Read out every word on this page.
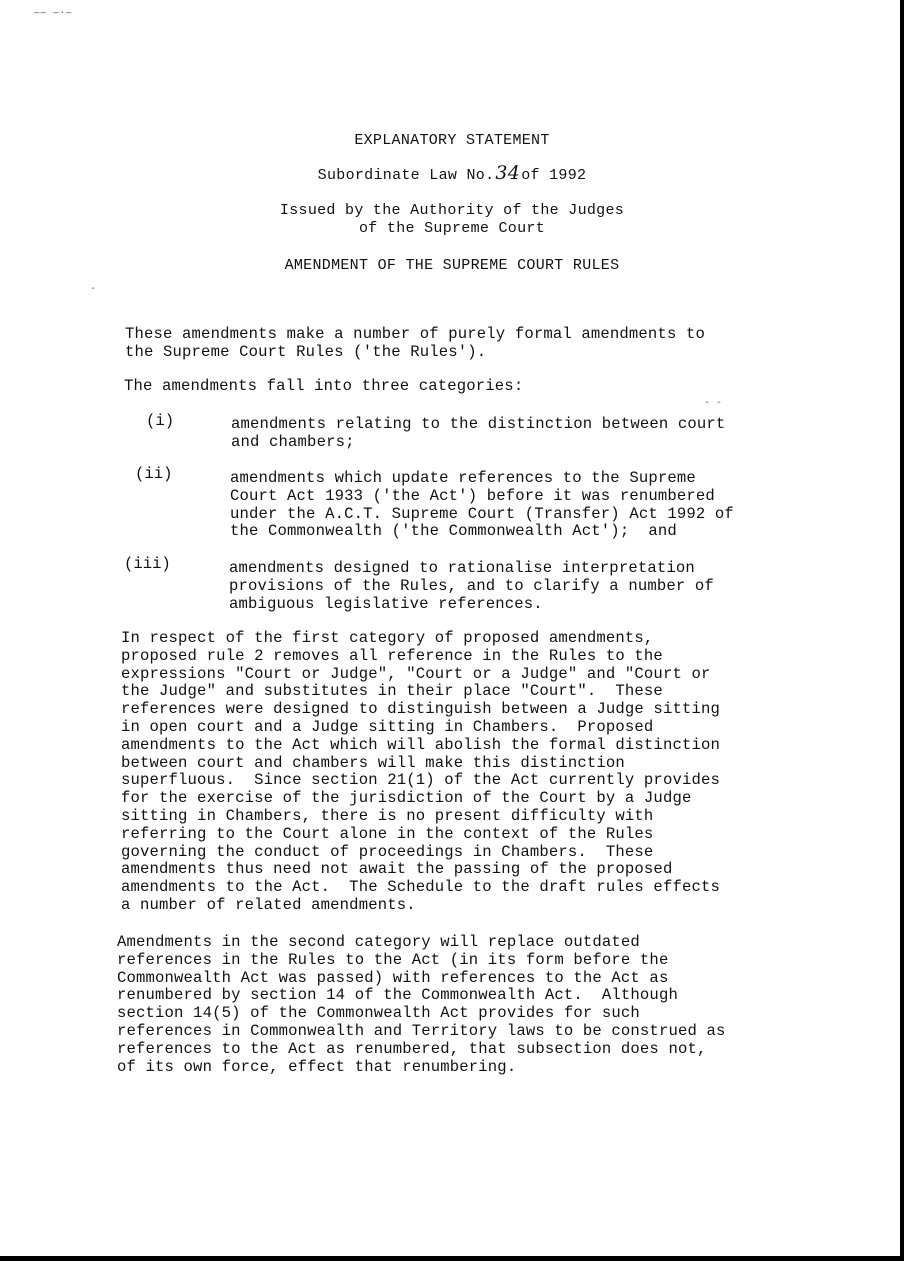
—— —·—
-
- -
EXPLANATORY STATEMENT
Subordinate Law No.34of 1992
Issued by the Authority of the Judges
of the Supreme Court
AMENDMENT OF THE SUPREME COURT RULES
These amendments make a number of purely formal amendments to
the Supreme Court Rules ('the Rules').
The amendments fall into three categories:
(i)	amendments relating to the distinction between court
and chambers;
(ii)	amendments which update references to the Supreme
Court Act 1933 ('the Act') before it was renumbered
under the A.C.T. Supreme Court (Transfer) Act 1992 of
the Commonwealth ('the Commonwealth Act');  and
(iii)	amendments designed to rationalise interpretation
provisions of the Rules, and to clarify a number of
ambiguous legislative references.
In respect of the first category of proposed amendments,
proposed rule 2 removes all reference in the Rules to the
expressions "Court or Judge", "Court or a Judge" and "Court or
the Judge" and substitutes in their place "Court".  These
references were designed to distinguish between a Judge sitting
in open court and a Judge sitting in Chambers.  Proposed
amendments to the Act which will abolish the formal distinction
between court and chambers will make this distinction
superfluous.  Since section 21(1) of the Act currently provides
for the exercise of the jurisdiction of the Court by a Judge
sitting in Chambers, there is no present difficulty with
referring to the Court alone in the context of the Rules
governing the conduct of proceedings in Chambers.  These
amendments thus need not await the passing of the proposed
amendments to the Act.  The Schedule to the draft rules effects
a number of related amendments.
Amendments in the second category will replace outdated
references in the Rules to the Act (in its form before the
Commonwealth Act was passed) with references to the Act as
renumbered by section 14 of the Commonwealth Act.  Although
section 14(5) of the Commonwealth Act provides for such
references in Commonwealth and Territory laws to be construed as
references to the Act as renumbered, that subsection does not,
of its own force, effect that renumbering.
